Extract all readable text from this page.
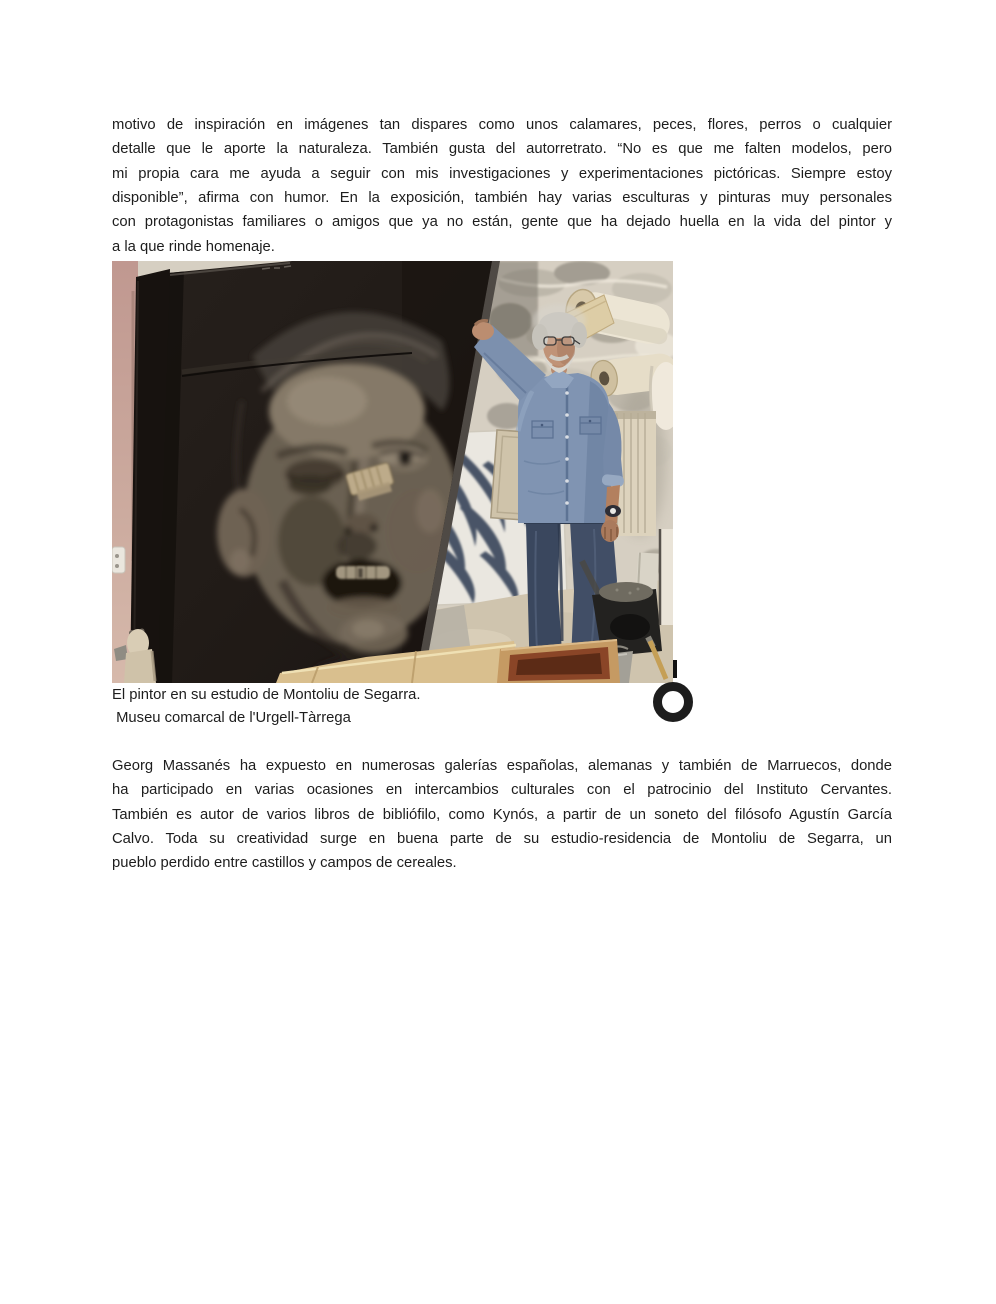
motivo de inspiración en imágenes tan dispares como unos calamares, peces, flores, perros o cualquier
detalle que le aporte la naturaleza. También gusta del autorretrato. “No es que me falten modelos, pero
mi propia cara me ayuda a seguir con mis investigaciones y experimentaciones pictóricas. Siempre estoy
disponible”, afirma con humor. En la exposición, también hay varias esculturas y pinturas muy personales
con protagonistas familiares o amigos que ya no están, gente que ha dejado huella en la vida del pintor y
a la que rinde homenaje.
El pintor en su estudio de Montoliu de Segarra.
Museu comarcal de l'Urgell-Tàrrega
Georg Massanés ha expuesto en numerosas galerías españolas, alemanas y también de Marruecos, donde
ha participado en varias ocasiones en intercambios culturales con el patrocinio del Instituto Cervantes.
También es autor de varios libros de bibliófilo, como Kynós, a partir de un soneto del filósofo Agustín García
Calvo. Toda su creatividad surge en buena parte de su estudio-residencia de Montoliu de Segarra, un
pueblo perdido entre castillos y campos de cereales.
